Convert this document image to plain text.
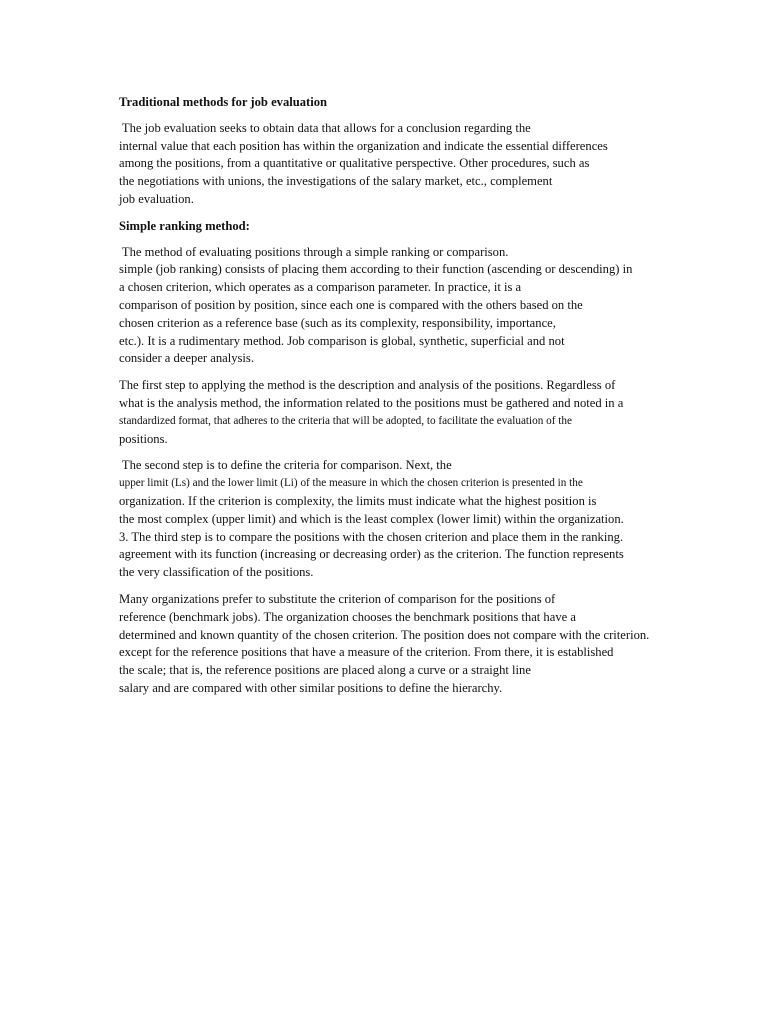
Traditional methods for job evaluation
The job evaluation seeks to obtain data that allows for a conclusion regarding the
internal value that each position has within the organization and indicate the essential differences
among the positions, from a quantitative or qualitative perspective. Other procedures, such as
the negotiations with unions, the investigations of the salary market, etc., complement
job evaluation.
Simple ranking method:
The method of evaluating positions through a simple ranking or comparison.
simple (job ranking) consists of placing them according to their function (ascending or descending) in
a chosen criterion, which operates as a comparison parameter. In practice, it is a
comparison of position by position, since each one is compared with the others based on the
chosen criterion as a reference base (such as its complexity, responsibility, importance,
etc.). It is a rudimentary method. Job comparison is global, synthetic, superficial and not
consider a deeper analysis.
The first step to applying the method is the description and analysis of the positions. Regardless of
what is the analysis method, the information related to the positions must be gathered and noted in a
standardized format, that adheres to the criteria that will be adopted, to facilitate the evaluation of the
positions.
The second step is to define the criteria for comparison. Next, the
upper limit (Ls) and the lower limit (Li) of the measure in which the chosen criterion is presented in the
organization. If the criterion is complexity, the limits must indicate what the highest position is
the most complex (upper limit) and which is the least complex (lower limit) within the organization.
3. The third step is to compare the positions with the chosen criterion and place them in the ranking.
agreement with its function (increasing or decreasing order) as the criterion. The function represents
the very classification of the positions.
Many organizations prefer to substitute the criterion of comparison for the positions of
reference (benchmark jobs). The organization chooses the benchmark positions that have a
determined and known quantity of the chosen criterion. The position does not compare with the criterion.
except for the reference positions that have a measure of the criterion. From there, it is established
the scale; that is, the reference positions are placed along a curve or a straight line
salary and are compared with other similar positions to define the hierarchy.
